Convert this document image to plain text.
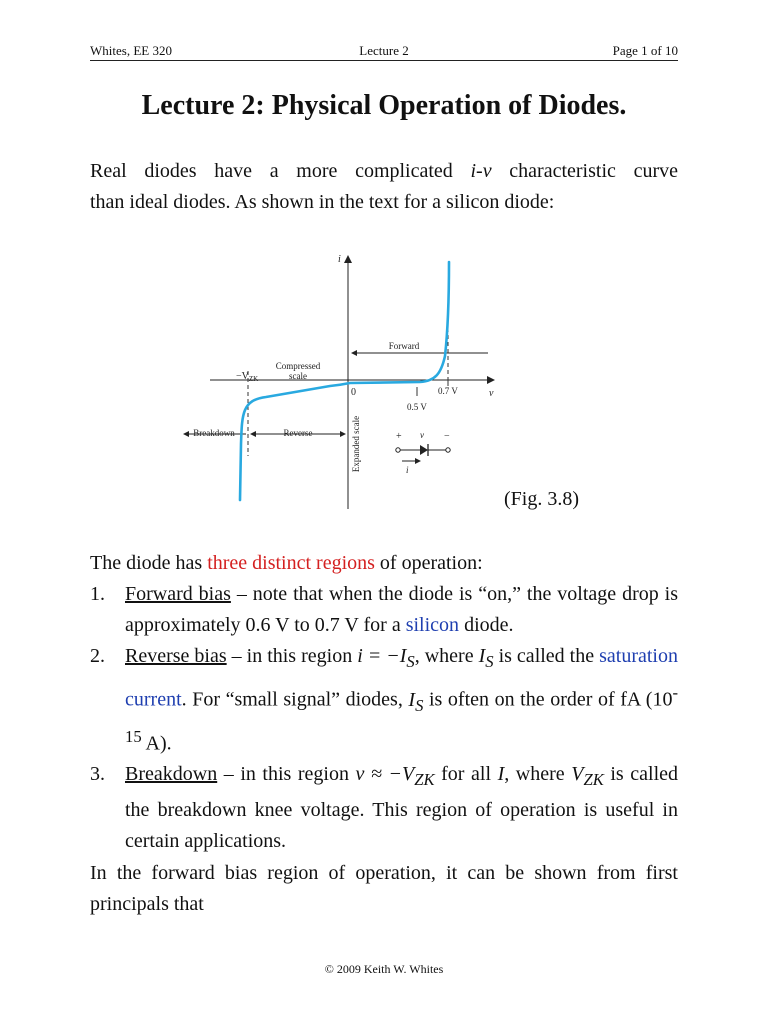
Whites, EE 320	Lecture 2	Page 1 of 10
Lecture 2: Physical Operation of Diodes.

Real diodes have a more complicated i-v characteristic curve
than ideal diodes. As shown in the text for a silicon diode:

i
v
$-V_{ZK}$
Compressed
scale
0	0.7 V
0.5 V
Forward
Breakdown	Reverse	Expanded scale	+ v −
i
(Fig. 3.8)

The diode has three distinct regions of operation:

1. Forward bias – note that when the diode is “on,” the voltage drop is approximately 0.6 V to 0.7 V for a silicon diode.
2. Reverse bias – in this region $i = -I_S$, where $I_S$ is called the saturation current. For “small signal” diodes, $I_S$ is often on the order of fA ($10^{-15}$ A).
3. Breakdown – in this region $v \approx -V_{ZK}$ for all I, where $V_{ZK}$ is called the breakdown knee voltage. This region of operation is useful in certain applications.

In the forward bias region of operation, it can be shown from first principals that

© 2009 Keith W. Whites
